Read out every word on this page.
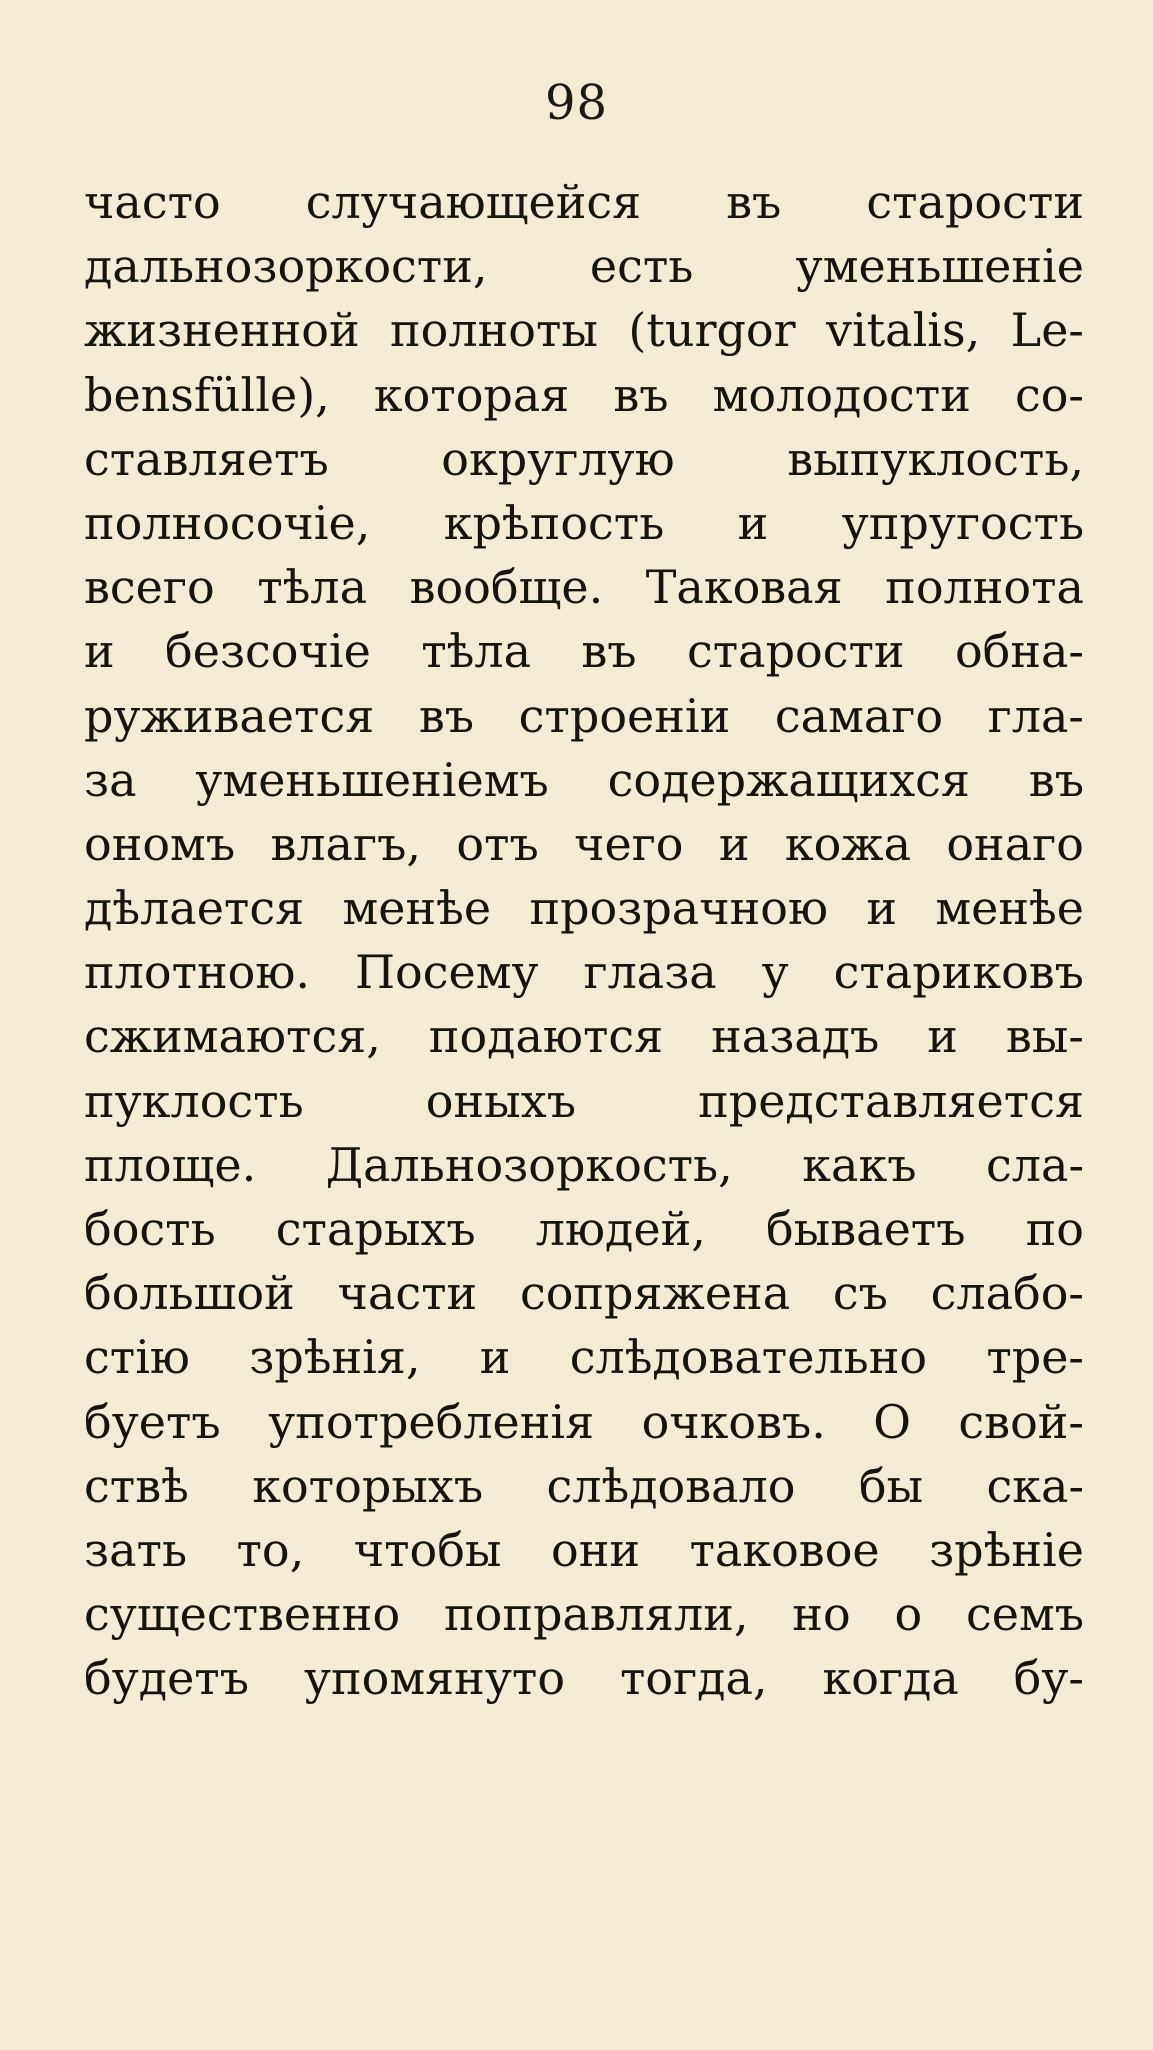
98
часто случающейся въ старости
дальнозоркости, есть уменьшеніе
жизненной полноты (turgor vitalis, Le-
bensfülle), которая въ молодости со-
ставляетъ округлую выпуклость,
полносочіе, крѣпость и упругость
всего тѣла вообще. Таковая полнота
и безсочіе тѣла въ старости обна-
руживается въ строеніи самаго гла-
за уменьшеніемъ содержащихся въ
ономъ влагъ, отъ чего и кожа онаго
дѣлается менѣе прозрачною и менѣе
плотною. Посему глаза у стариковъ
сжимаются, подаются назадъ и вы-
пуклость	оныхъ	представляется
площе. Дальнозоркость, какъ сла-
бость старыхъ людей, бываетъ по
большой части сопряжена съ слабо-
стію зрѣнія, и слѣдовательно тре-
буетъ употребленія очковъ. О свой-
ствѣ которыхъ слѣдовало бы ска-
зать то, чтобы они таковое зрѣніе
существенно поправляли, но о семъ
будетъ упомянуто тогда, когда бу-
